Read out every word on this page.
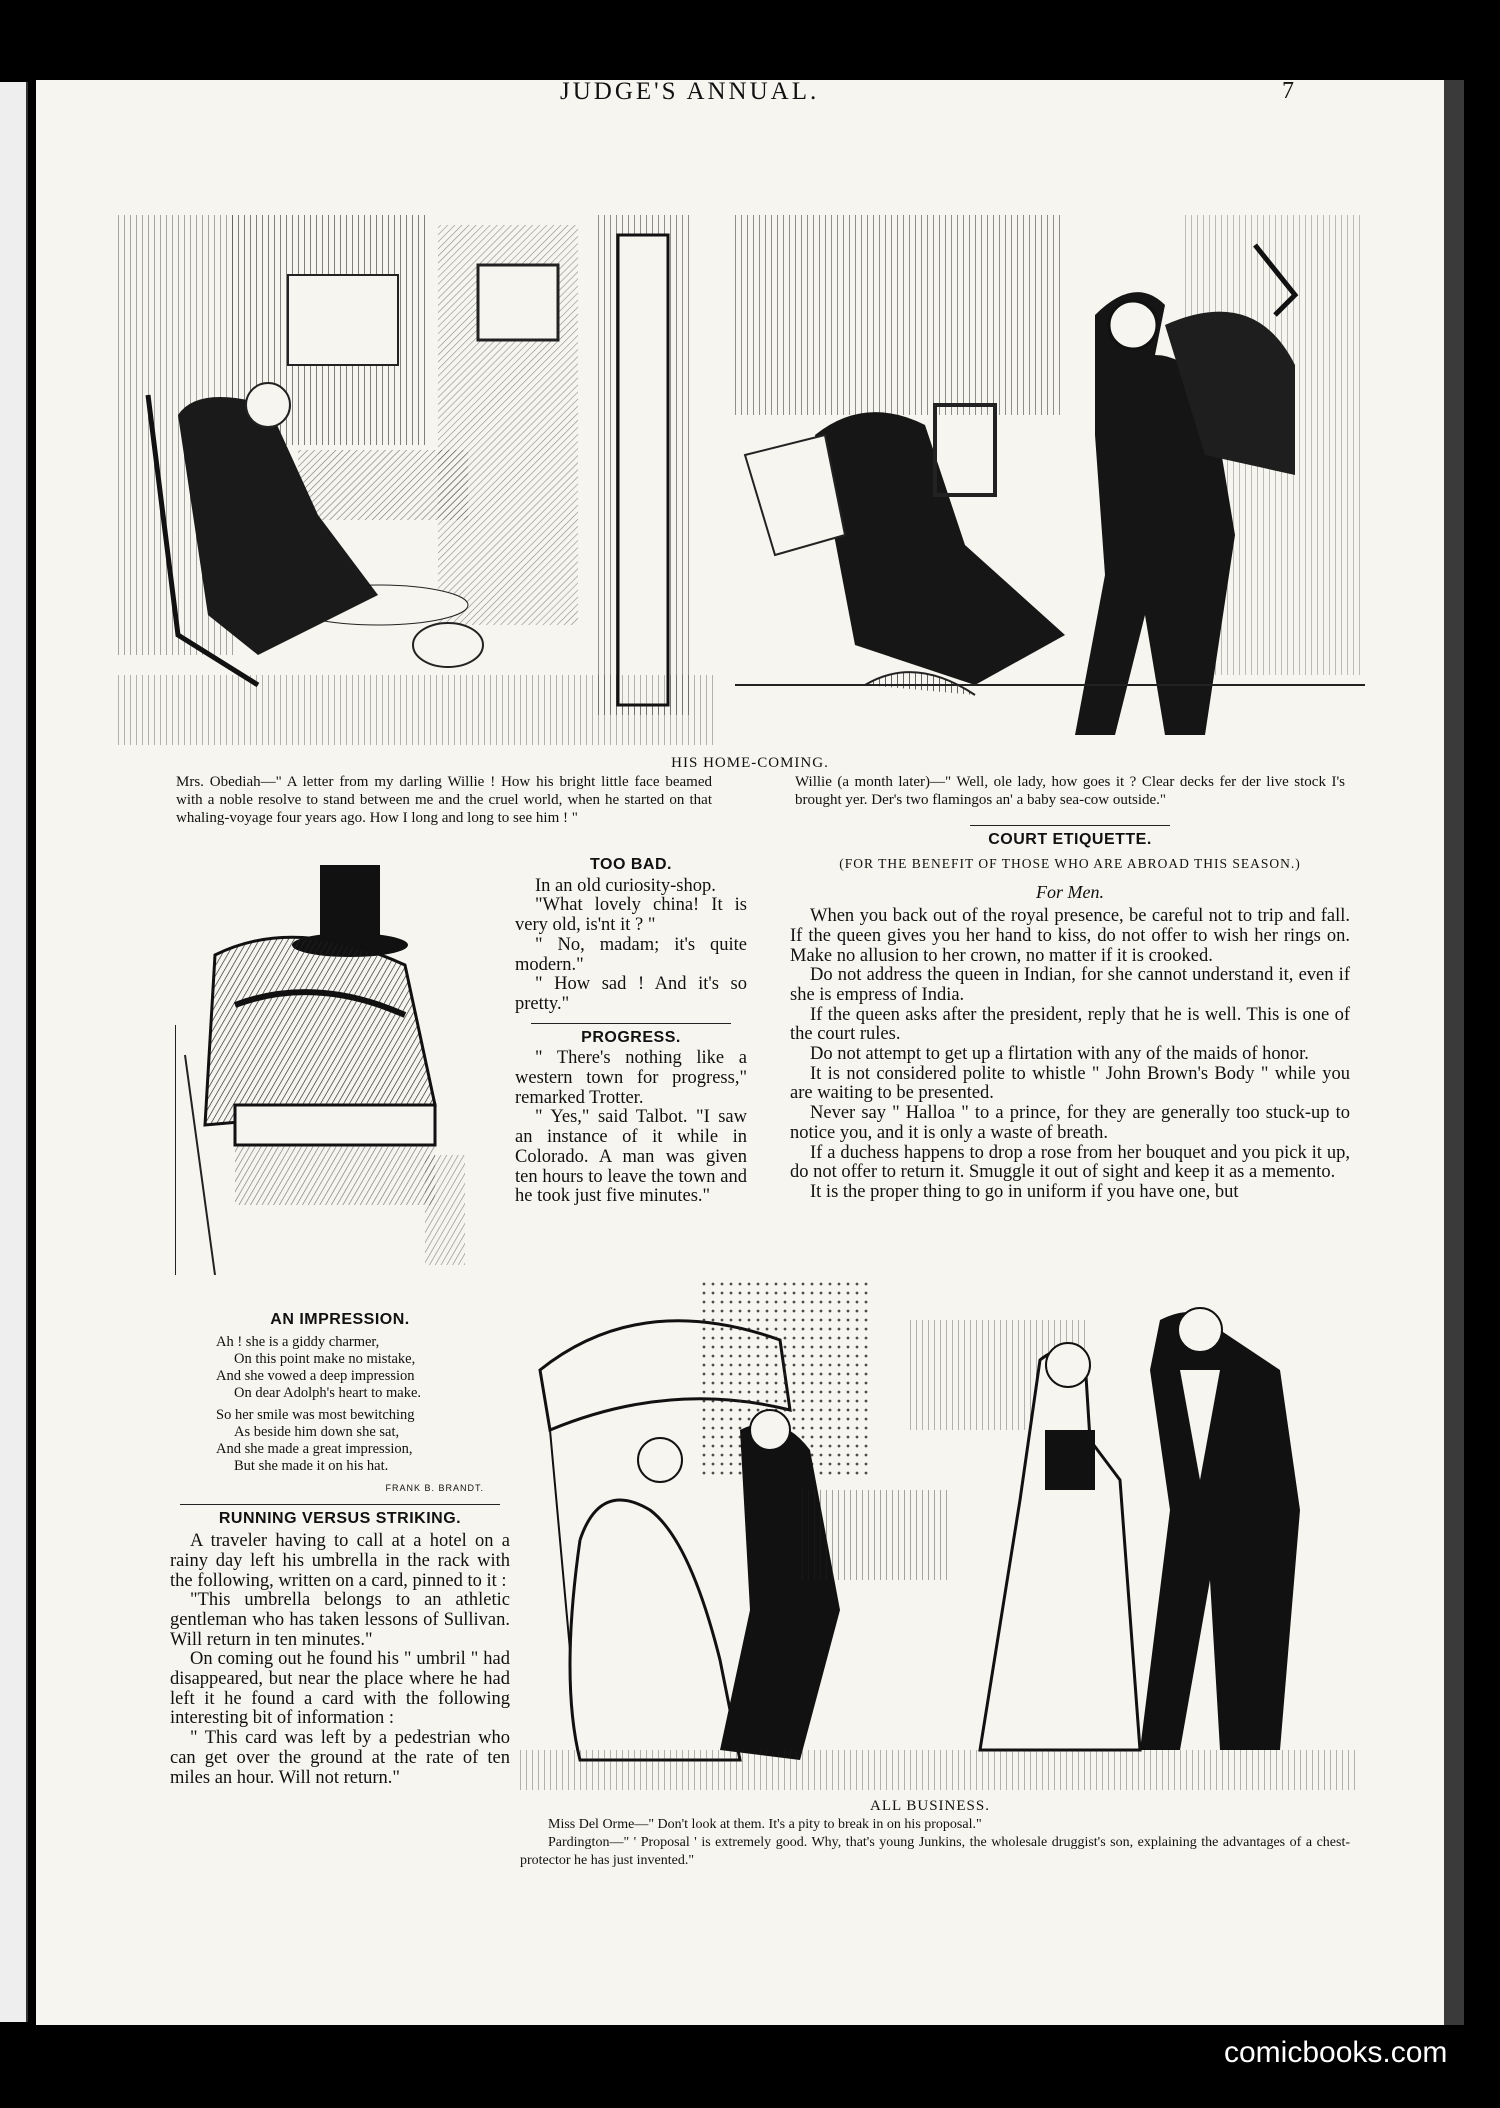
JUDGE'S ANNUAL.	7
HIS HOME-COMING.
Mrs. Obediah—" A letter from my darling Willie ! How his bright little face beamed with a noble resolve to stand between me and the cruel world, when he started on that whaling-voyage four years ago. How I long and long to see him ! "
Willie (a month later)—" Well, ole lady, how goes it ? Clear decks fer der live stock I's brought yer. Der's two flamingos an' a baby sea-cow outside."
AN IMPRESSION.
Ah ! she is a giddy charmer,
On this point make no mistake,
And she vowed a deep impression
On dear Adolph's heart to make.
So her smile was most bewitching
As beside him down she sat,
And she made a great impression,
But she made it on his hat.
FRANK B. BRANDT.
RUNNING VERSUS STRIKING.

A traveler having to call at a hotel on a rainy day left his umbrella in the rack with the following, written on a card, pinned to it :

"This umbrella belongs to an athletic gentleman who has taken lessons of Sullivan. Will return in ten minutes."

On coming out he found his " umbril " had disappeared, but near the place where he had left it he found a card with the following interesting bit of information :

" This card was left by a pedestrian who can get over the ground at the rate of ten miles an hour. Will not return."

TOO BAD.

In an old curiosity-shop.

"What lovely china! It is very old, is'nt it ? "

" No, madam; it's quite modern."

" How sad ! And it's so pretty."

PROGRESS.

" There's nothing like a western town for progress," remarked Trotter.

" Yes," said Talbot. "I saw an instance of it while in Colorado. A man was given ten hours to leave the town and he took just five minutes."

COURT ETIQUETTE.
(FOR THE BENEFIT OF THOSE WHO ARE ABROAD THIS SEASON.)
For Men.

When you back out of the royal presence, be careful not to trip and fall. If the queen gives you her hand to kiss, do not offer to wish her rings on. Make no allusion to her crown, no matter if it is crooked.

Do not address the queen in Indian, for she cannot understand it, even if she is empress of India.

If the queen asks after the president, reply that he is well. This is one of the court rules.

Do not attempt to get up a flirtation with any of the maids of honor.

It is not considered polite to whistle " John Brown's Body " while you are waiting to be presented.

Never say " Halloa " to a prince, for they are generally too stuck-up to notice you, and it is only a waste of breath.

If a duchess happens to drop a rose from her bouquet and you pick it up, do not offer to return it. Smuggle it out of sight and keep it as a memento.

It is the proper thing to go in uniform if you have one, but

ALL BUSINESS.
Miss Del Orme—" Don't look at them. It's a pity to break in on his proposal."
Pardington—" ' Proposal ' is extremely good. Why, that's young Junkins, the wholesale druggist's son, explaining the advantages of a chest-protector he has just invented."
comicbooks.com
